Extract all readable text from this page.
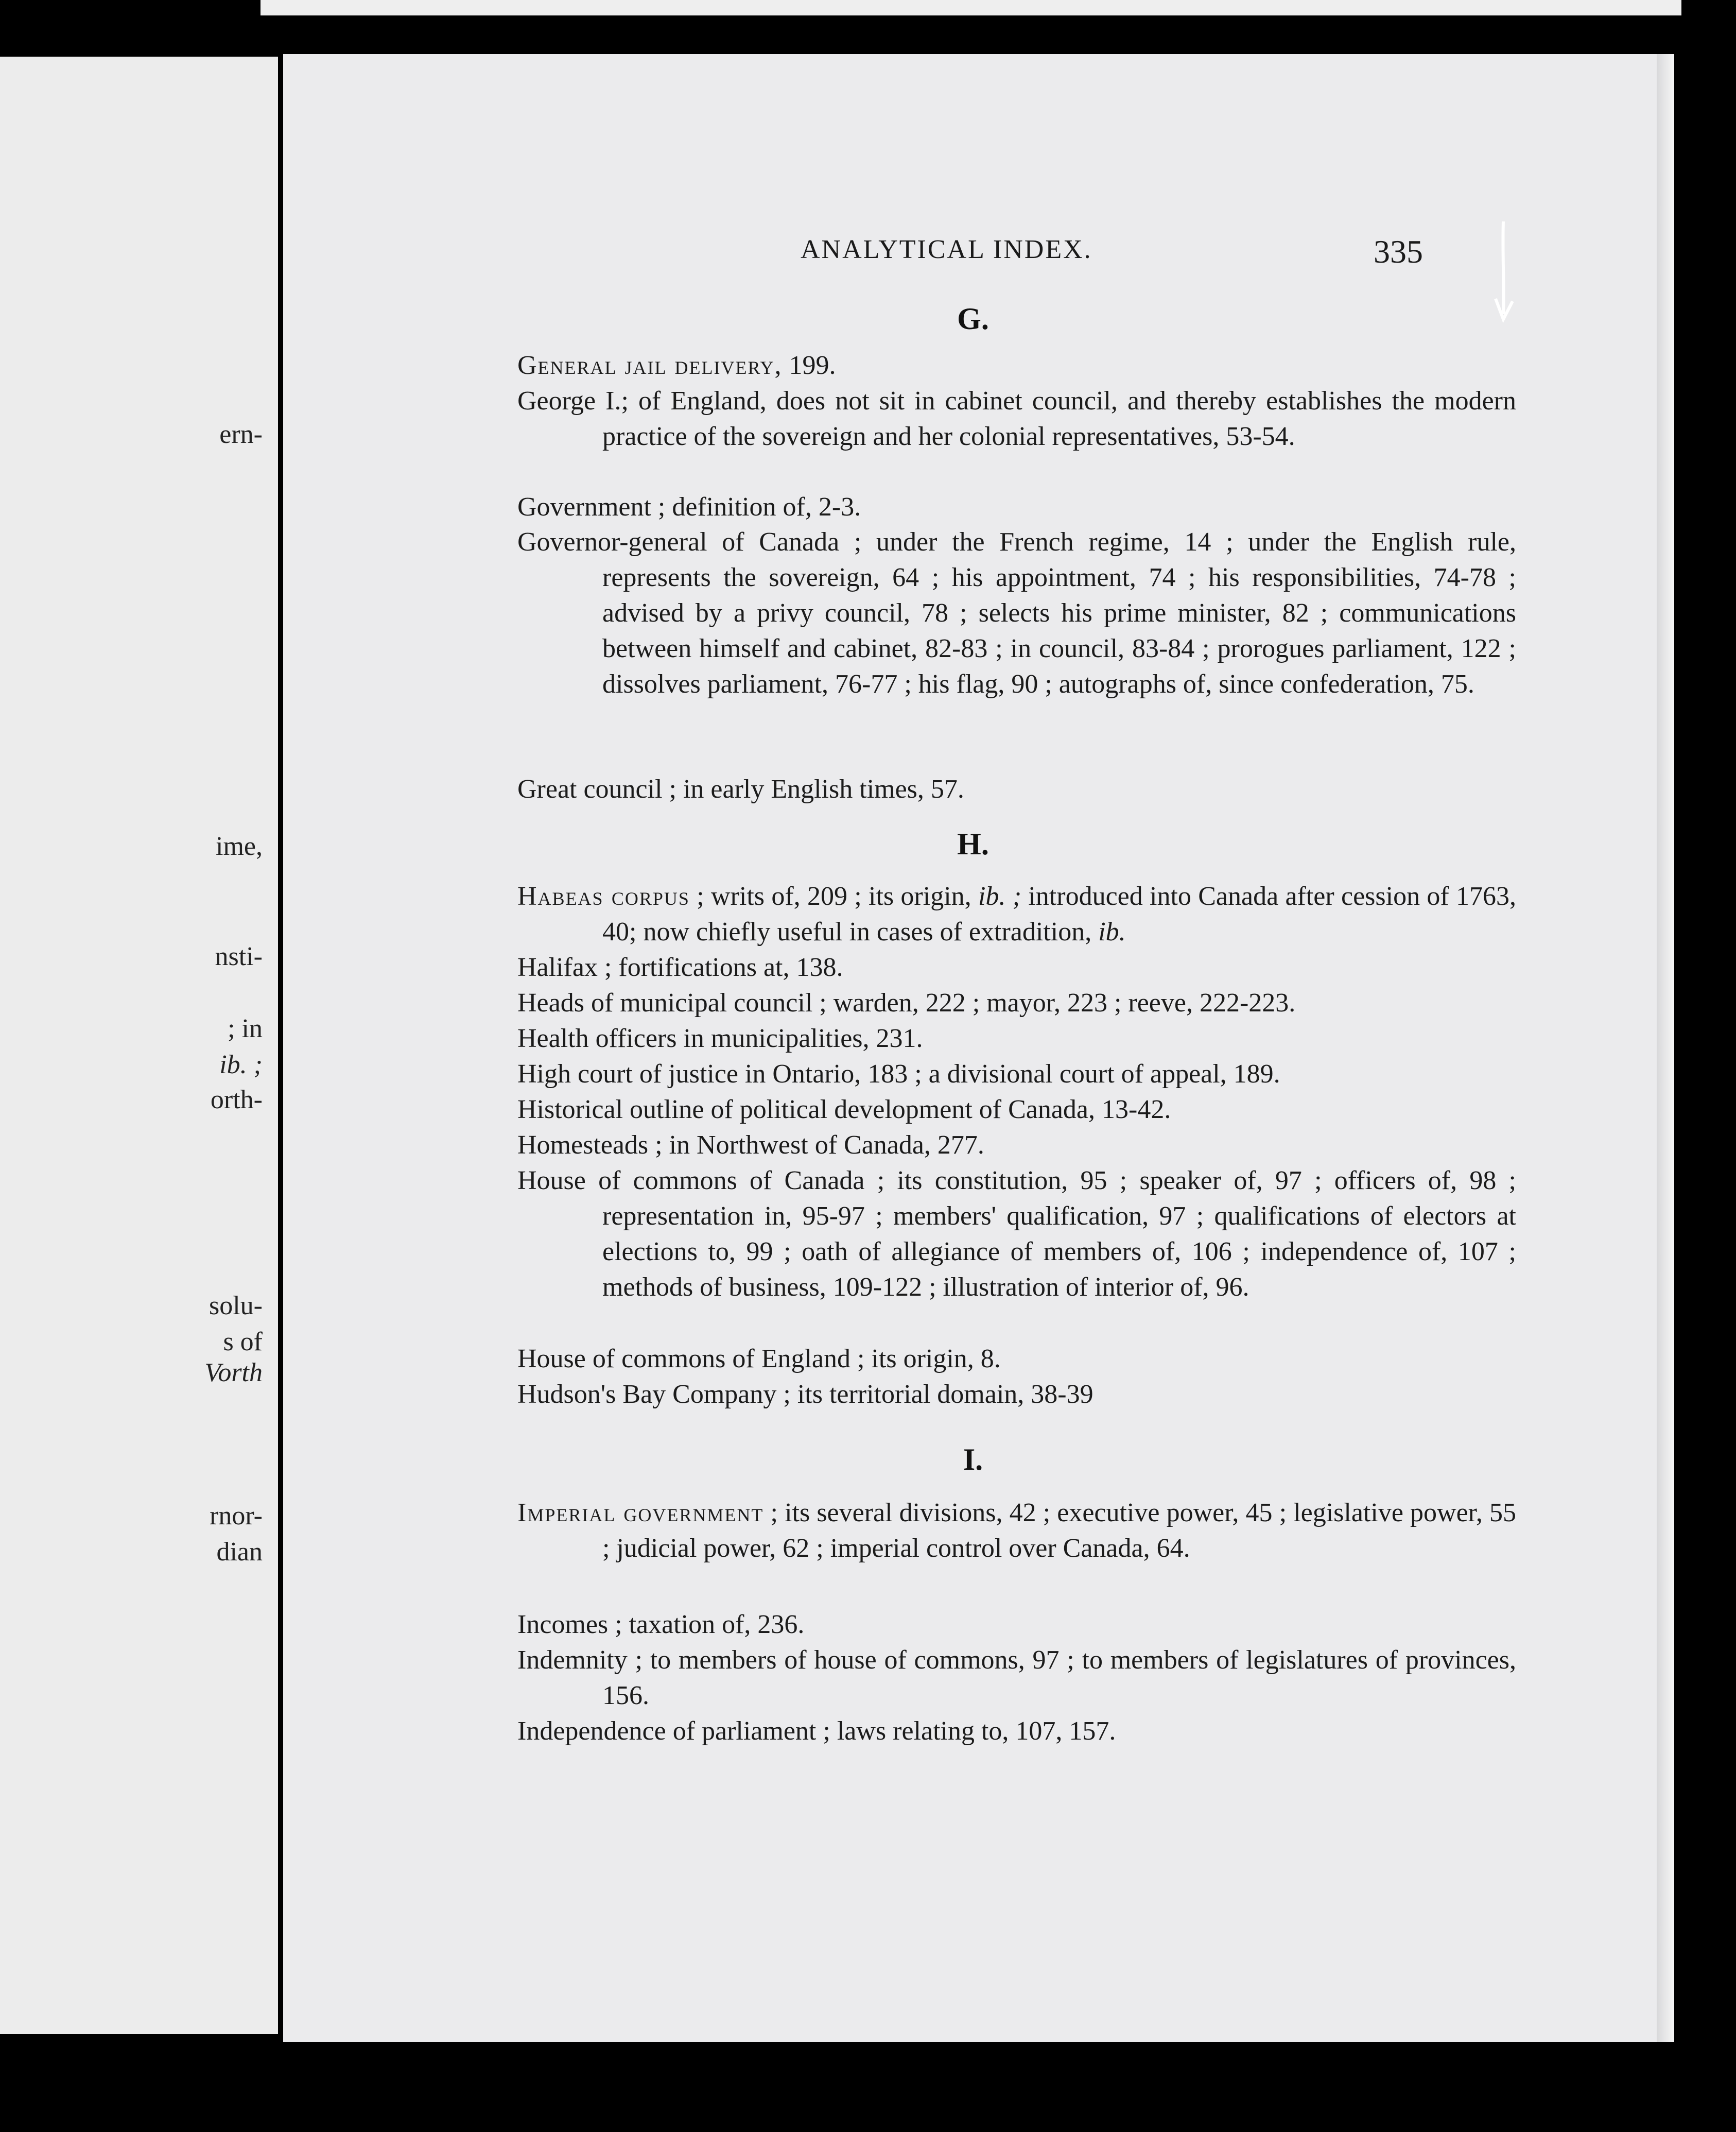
ern-
ime,
nsti-
; in
ib. ;
orth-
solu-
s of
Vorth
rnor-
dian
ANALYTICAL INDEX.	335
G.
General jail delivery, 199.
George I.; of England, does not sit in cabinet council, and thereby establishes the modern practice of the sovereign and her colonial representatives, 53-54.
Government ; definition of, 2-3.
Governor-general of Canada ; under the French regime, 14 ; under the English rule, represents the sovereign, 64 ; his appointment, 74 ; his responsibilities, 74-78 ; advised by a privy council, 78 ; selects his prime minister, 82 ; communications between himself and cabinet, 82-83 ; in council, 83-84 ; prorogues parliament, 122 ; dissolves parliament, 76-77 ; his flag, 90 ; autographs of, since confederation, 75.
Great council ; in early English times, 57.
H.
Habeas corpus ; writs of, 209 ; its origin, ib. ; introduced into Canada after cession of 1763, 40; now chiefly useful in cases of extradition, ib.
Halifax ; fortifications at, 138.
Heads of municipal council ; warden, 222 ; mayor, 223 ; reeve, 222-223.
Health officers in municipalities, 231.
High court of justice in Ontario, 183 ; a divisional court of appeal, 189.
Historical outline of political development of Canada, 13-42.
Homesteads ; in Northwest of Canada, 277.
House of commons of Canada ; its constitution, 95 ; speaker of, 97 ; officers of, 98 ; representation in, 95-97 ; members' qualification, 97 ; qualifications of electors at elections to, 99 ; oath of allegiance of members of, 106 ; independence of, 107 ; methods of business, 109-122 ; illustration of interior of, 96.
House of commons of England ; its origin, 8.
Hudson's Bay Company ; its territorial domain, 38-39
I.
Imperial government ; its several divisions, 42 ; executive power, 45 ; legislative power, 55 ; judicial power, 62 ; imperial control over Canada, 64.
Incomes ; taxation of, 236.
Indemnity ; to members of house of commons, 97 ; to members of legislatures of provinces, 156.
Independence of parliament ; laws relating to, 107, 157.
